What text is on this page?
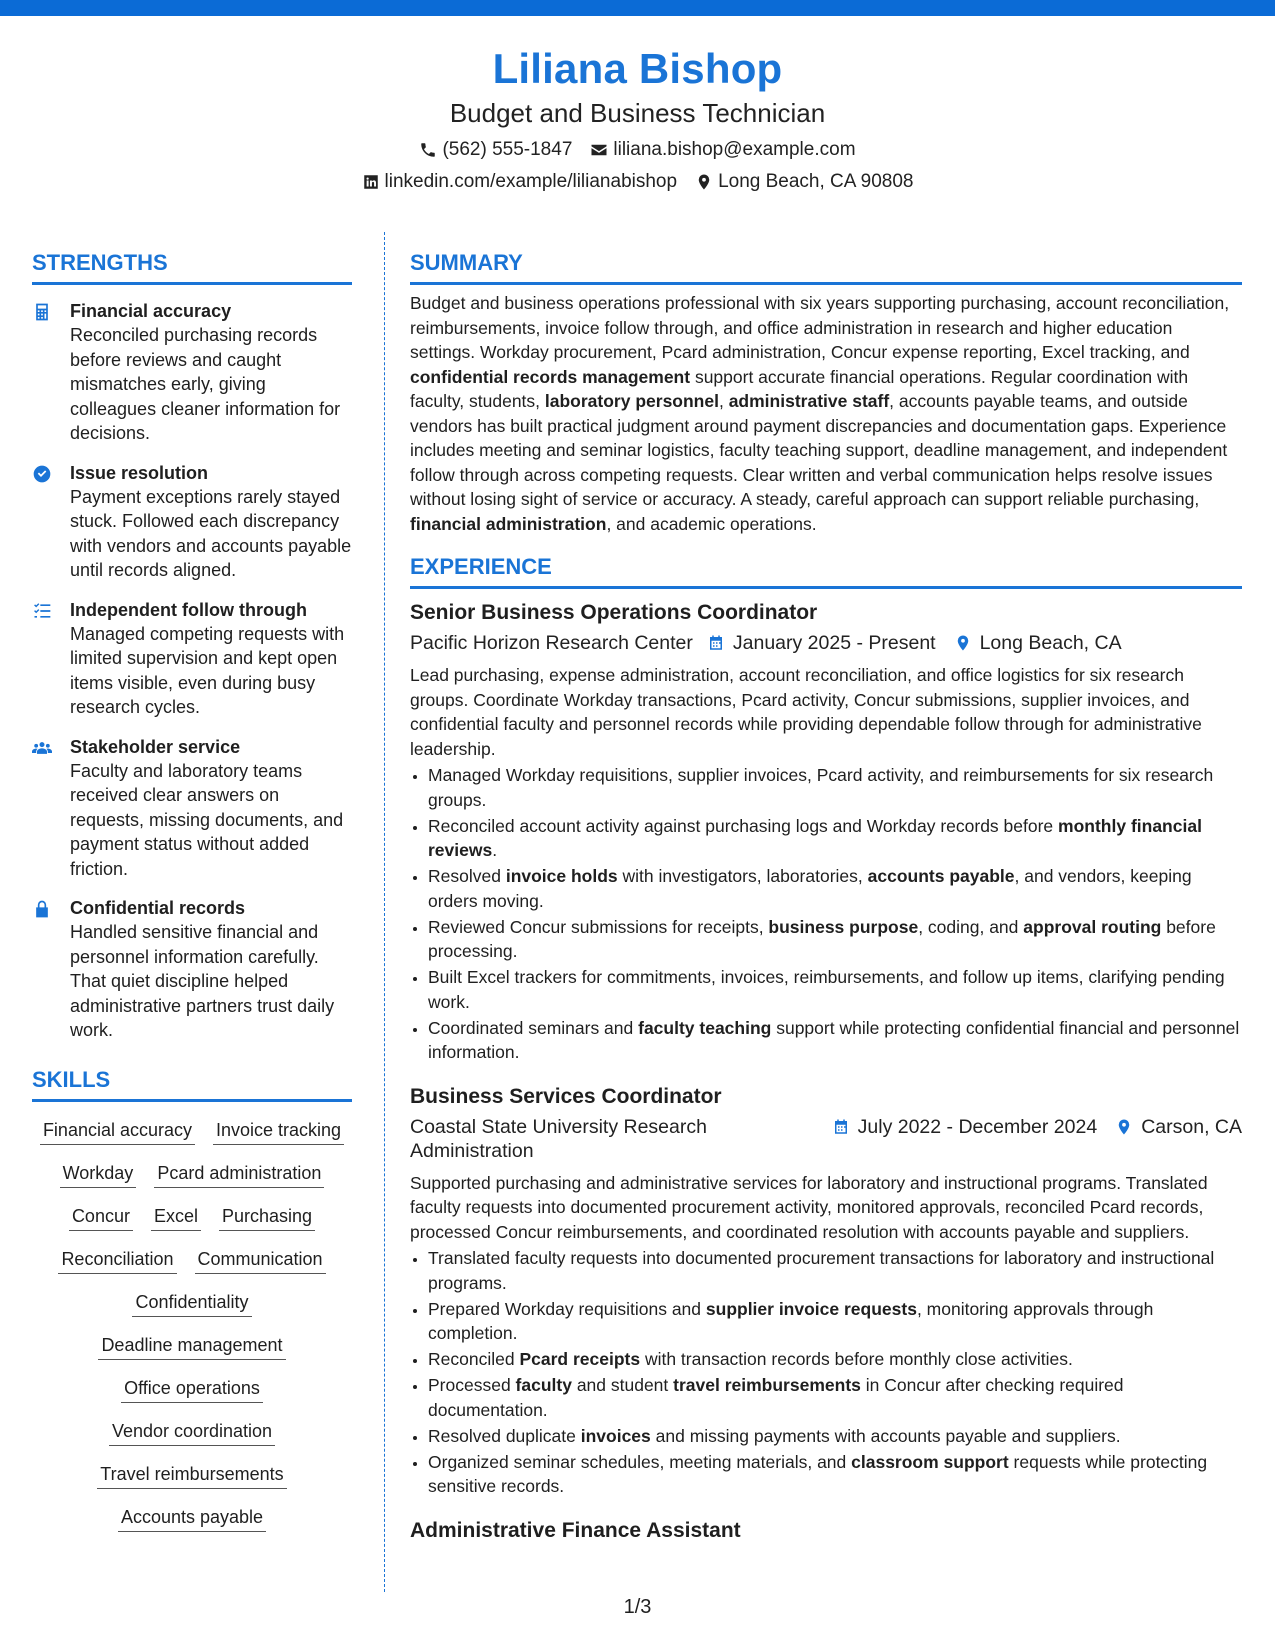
Liliana Bishop
Budget and Business Technician
(562) 555-1847 liliana.bishop@example.com
linkedin.com/example/lilianabishop Long Beach, CA 90808
STRENGTHS
Financial accuracy
Reconciled purchasing records before reviews and caught mismatches early, giving colleagues cleaner information for decisions.
Issue resolution
Payment exceptions rarely stayed stuck. Followed each discrepancy with vendors and accounts payable until records aligned.
Independent follow through
Managed competing requests with limited supervision and kept open items visible, even during busy research cycles.
Stakeholder service
Faculty and laboratory teams received clear answers on requests, missing documents, and payment status without added friction.
Confidential records
Handled sensitive financial and personnel information carefully. That quiet discipline helped administrative partners trust daily work.
SKILLS
Financial accuracy Invoice tracking
Workday Pcard administration
Concur Excel Purchasing
Reconciliation Communication
Confidentiality
Deadline management
Office operations
Vendor coordination
Travel reimbursements
Accounts payable
SUMMARY
Budget and business operations professional with six years supporting purchasing, account reconciliation, reimbursements, invoice follow through, and office administration in research and higher education settings. Workday procurement, Pcard administration, Concur expense reporting, Excel tracking, and confidential records management support accurate financial operations. Regular coordination with faculty, students, laboratory personnel, administrative staff, accounts payable teams, and outside vendors has built practical judgment around payment discrepancies and documentation gaps. Experience includes meeting and seminar logistics, faculty teaching support, deadline management, and independent follow through across competing requests. Clear written and verbal communication helps resolve issues without losing sight of service or accuracy. A steady, careful approach can support reliable purchasing, financial administration, and academic operations.
EXPERIENCE
Senior Business Operations Coordinator
Pacific Horizon Research Center January 2025 - Present Long Beach, CA
Lead purchasing, expense administration, account reconciliation, and office logistics for six research groups. Coordinate Workday transactions, Pcard activity, Concur submissions, supplier invoices, and confidential faculty and personnel records while providing dependable follow through for administrative leadership.
• Managed Workday requisitions, supplier invoices, Pcard activity, and reimbursements for six research groups.
• Reconciled account activity against purchasing logs and Workday records before monthly financial reviews.
• Resolved invoice holds with investigators, laboratories, accounts payable, and vendors, keeping orders moving.
• Reviewed Concur submissions for receipts, business purpose, coding, and approval routing before processing.
• Built Excel trackers for commitments, invoices, reimbursements, and follow up items, clarifying pending work.
• Coordinated seminars and faculty teaching support while protecting confidential financial and personnel information.
Business Services Coordinator
Coastal State University Research Administration
July 2022 - December 2024 Carson, CA
Supported purchasing and administrative services for laboratory and instructional programs. Translated faculty requests into documented procurement activity, monitored approvals, reconciled Pcard records, processed Concur reimbursements, and coordinated resolution with accounts payable and suppliers.
• Translated faculty requests into documented procurement transactions for laboratory and instructional programs.
• Prepared Workday requisitions and supplier invoice requests, monitoring approvals through completion.
• Reconciled Pcard receipts with transaction records before monthly close activities.
• Processed faculty and student travel reimbursements in Concur after checking required documentation.
• Resolved duplicate invoices and missing payments with accounts payable and suppliers.
• Organized seminar schedules, meeting materials, and classroom support requests while protecting sensitive records.
Administrative Finance Assistant
1/3
